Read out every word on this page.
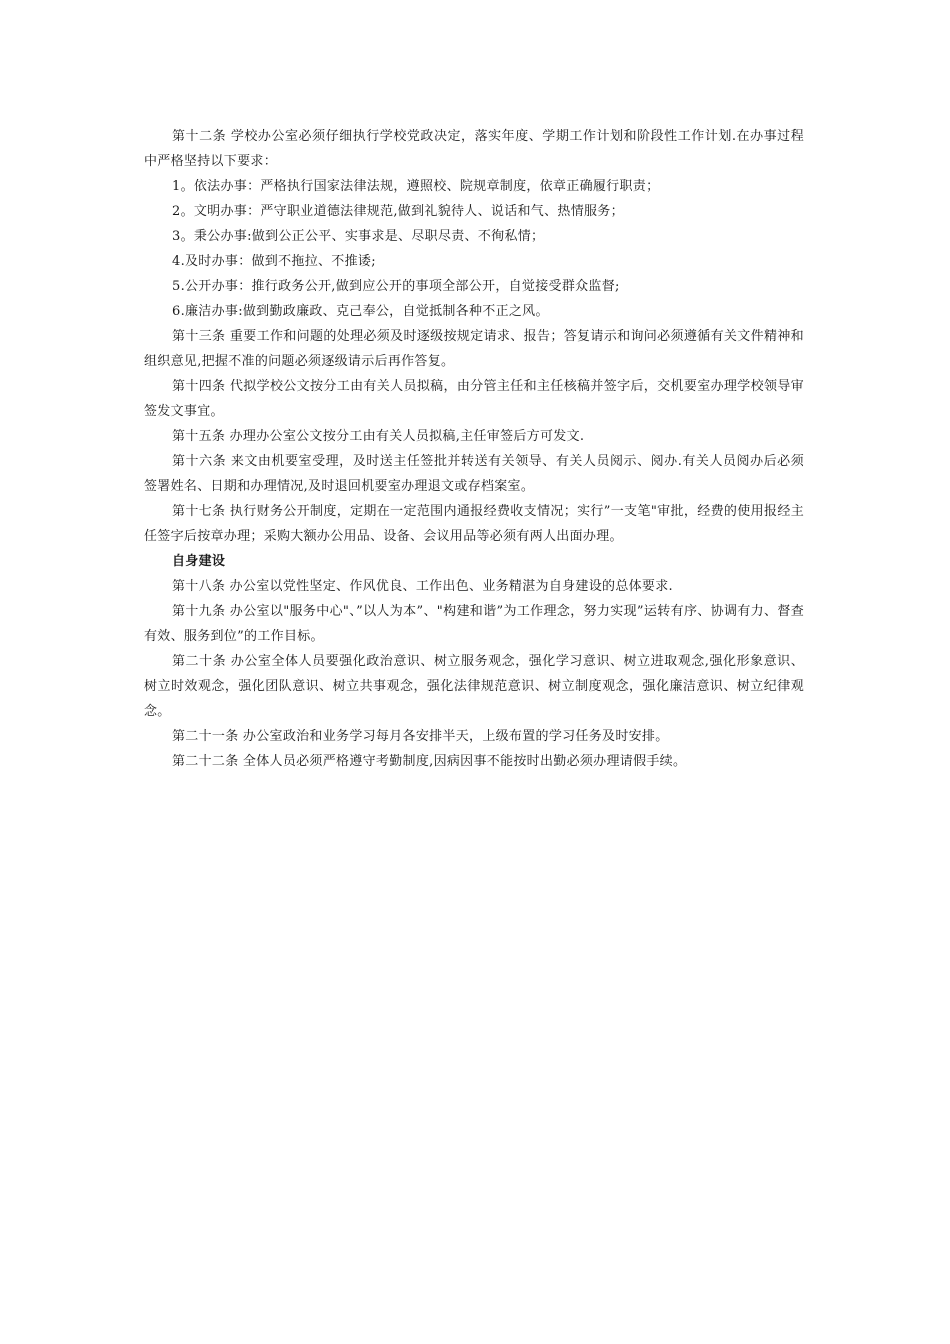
第十二条 学校办公室必须仔细执行学校党政决定，落实年度、学期工作计划和阶段性工作计划.在办事过程中严格坚持以下要求：

1。依法办事：严格执行国家法律法规，遵照校、院规章制度，依章正确履行职责；

2。文明办事：严守职业道德法律规范,做到礼貌待人、说话和气、热情服务；

3。秉公办事:做到公正公平、实事求是、尽职尽责、不徇私情；

4.及时办事：做到不拖拉、不推诿;

5.公开办事：推行政务公开,做到应公开的事项全部公开，自觉接受群众监督;

6.廉洁办事:做到勤政廉政、克己奉公，自觉抵制各种不正之风。

第十三条 重要工作和问题的处理必须及时逐级按规定请求、报告；答复请示和询问必须遵循有关文件精神和组织意见,把握不准的问题必须逐级请示后再作答复。

第十四条 代拟学校公文按分工由有关人员拟稿，由分管主任和主任核稿并签字后，交机要室办理学校领导审签发文事宜。

第十五条 办理办公室公文按分工由有关人员拟稿,主任审签后方可发文.

第十六条 来文由机要室受理，及时送主任签批并转送有关领导、有关人员阅示、阅办.有关人员阅办后必须签署姓名、日期和办理情况,及时退回机要室办理退文或存档案室。

第十七条 执行财务公开制度，定期在一定范围内通报经费收支情况；实行”一支笔"审批，经费的使用报经主任签字后按章办理；采购大额办公用品、设备、会议用品等必须有两人出面办理。

自身建设

第十八条 办公室以党性坚定、作风优良、工作出色、业务精湛为自身建设的总体要求.

第十九条 办公室以"服务中心"、”以人为本”、"构建和谐”为工作理念，努力实现”运转有序、协调有力、督查有效、服务到位”的工作目标。

第二十条 办公室全体人员要强化政治意识、树立服务观念，强化学习意识、树立进取观念,强化形象意识、树立时效观念，强化团队意识、树立共事观念，强化法律规范意识、树立制度观念，强化廉洁意识、树立纪律观念。

第二十一条 办公室政治和业务学习每月各安排半天，上级布置的学习任务及时安排。

第二十二条 全体人员必须严格遵守考勤制度,因病因事不能按时出勤必须办理请假手续。
